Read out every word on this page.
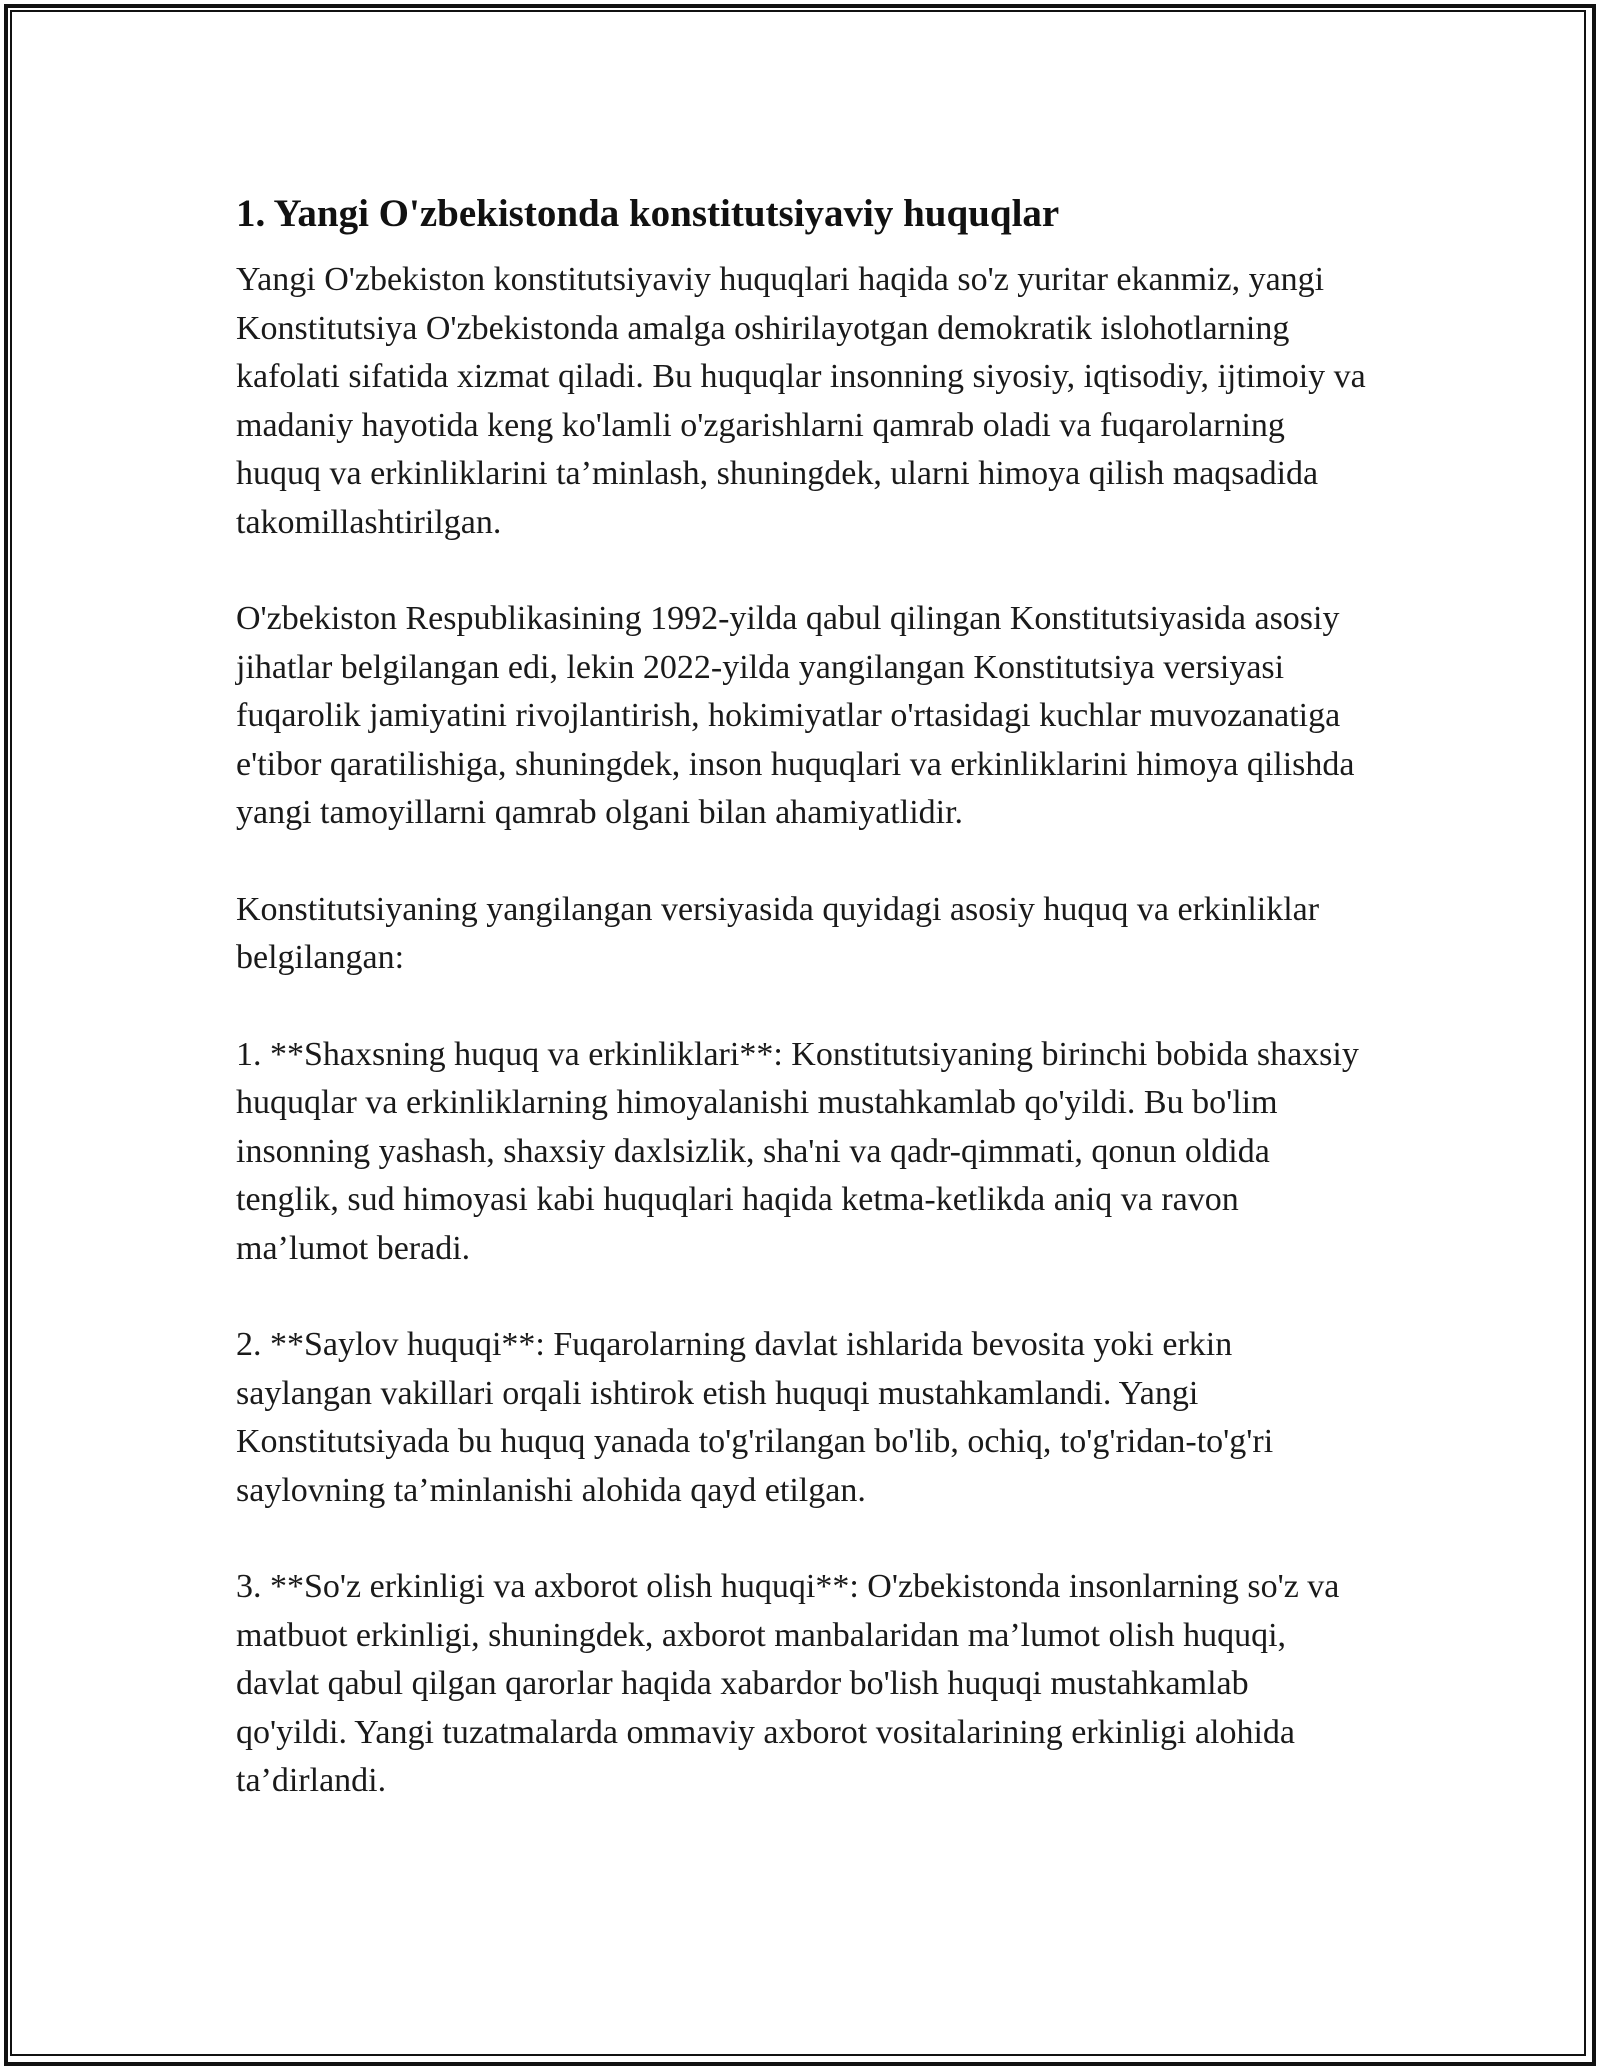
1. Yangi O'zbekistonda konstitutsiyaviy huquqlar

Yangi O'zbekiston konstitutsiyaviy huquqlari haqida so'z yuritar ekanmiz, yangi Konstitutsiya O'zbekistonda amalga oshirilayotgan demokratik islohotlarning kafolati sifatida xizmat qiladi. Bu huquqlar insonning siyosiy, iqtisodiy, ijtimoiy va madaniy hayotida keng ko'lamli o'zgarishlarni qamrab oladi va fuqarolarning huquq va erkinliklarini ta’minlash, shuningdek, ularni himoya qilish maqsadida takomillashtirilgan.

O'zbekiston Respublikasining 1992-yilda qabul qilingan Konstitutsiyasida asosiy jihatlar belgilangan edi, lekin 2022-yilda yangilangan Konstitutsiya versiyasi fuqarolik jamiyatini rivojlantirish, hokimiyatlar o'rtasidagi kuchlar muvozanatiga e'tibor qaratilishiga, shuningdek, inson huquqlari va erkinliklarini himoya qilishda yangi tamoyillarni qamrab olgani bilan ahamiyatlidir.

Konstitutsiyaning yangilangan versiyasida quyidagi asosiy huquq va erkinliklar belgilangan:

1. **Shaxsning huquq va erkinliklari**: Konstitutsiyaning birinchi bobida shaxsiy huquqlar va erkinliklarning himoyalanishi mustahkamlab qo'yildi. Bu bo'lim insonning yashash, shaxsiy daxlsizlik, sha'ni va qadr-qimmati, qonun oldida tenglik, sud himoyasi kabi huquqlari haqida ketma-ketlikda aniq va ravon ma’lumot beradi.

2. **Saylov huquqi**: Fuqarolarning davlat ishlarida bevosita yoki erkin saylangan vakillari orqali ishtirok etish huquqi mustahkamlandi. Yangi Konstitutsiyada bu huquq yanada to'g'rilangan bo'lib, ochiq, to'g'ridan-to'g'ri saylovning ta’minlanishi alohida qayd etilgan.

3. **So'z erkinligi va axborot olish huquqi**: O'zbekistonda insonlarning so'z va matbuot erkinligi, shuningdek, axborot manbalaridan ma’lumot olish huquqi, davlat qabul qilgan qarorlar haqida xabardor bo'lish huquqi mustahkamlab qo'yildi. Yangi tuzatmalarda ommaviy axborot vositalarining erkinligi alohida ta’dirlandi.
